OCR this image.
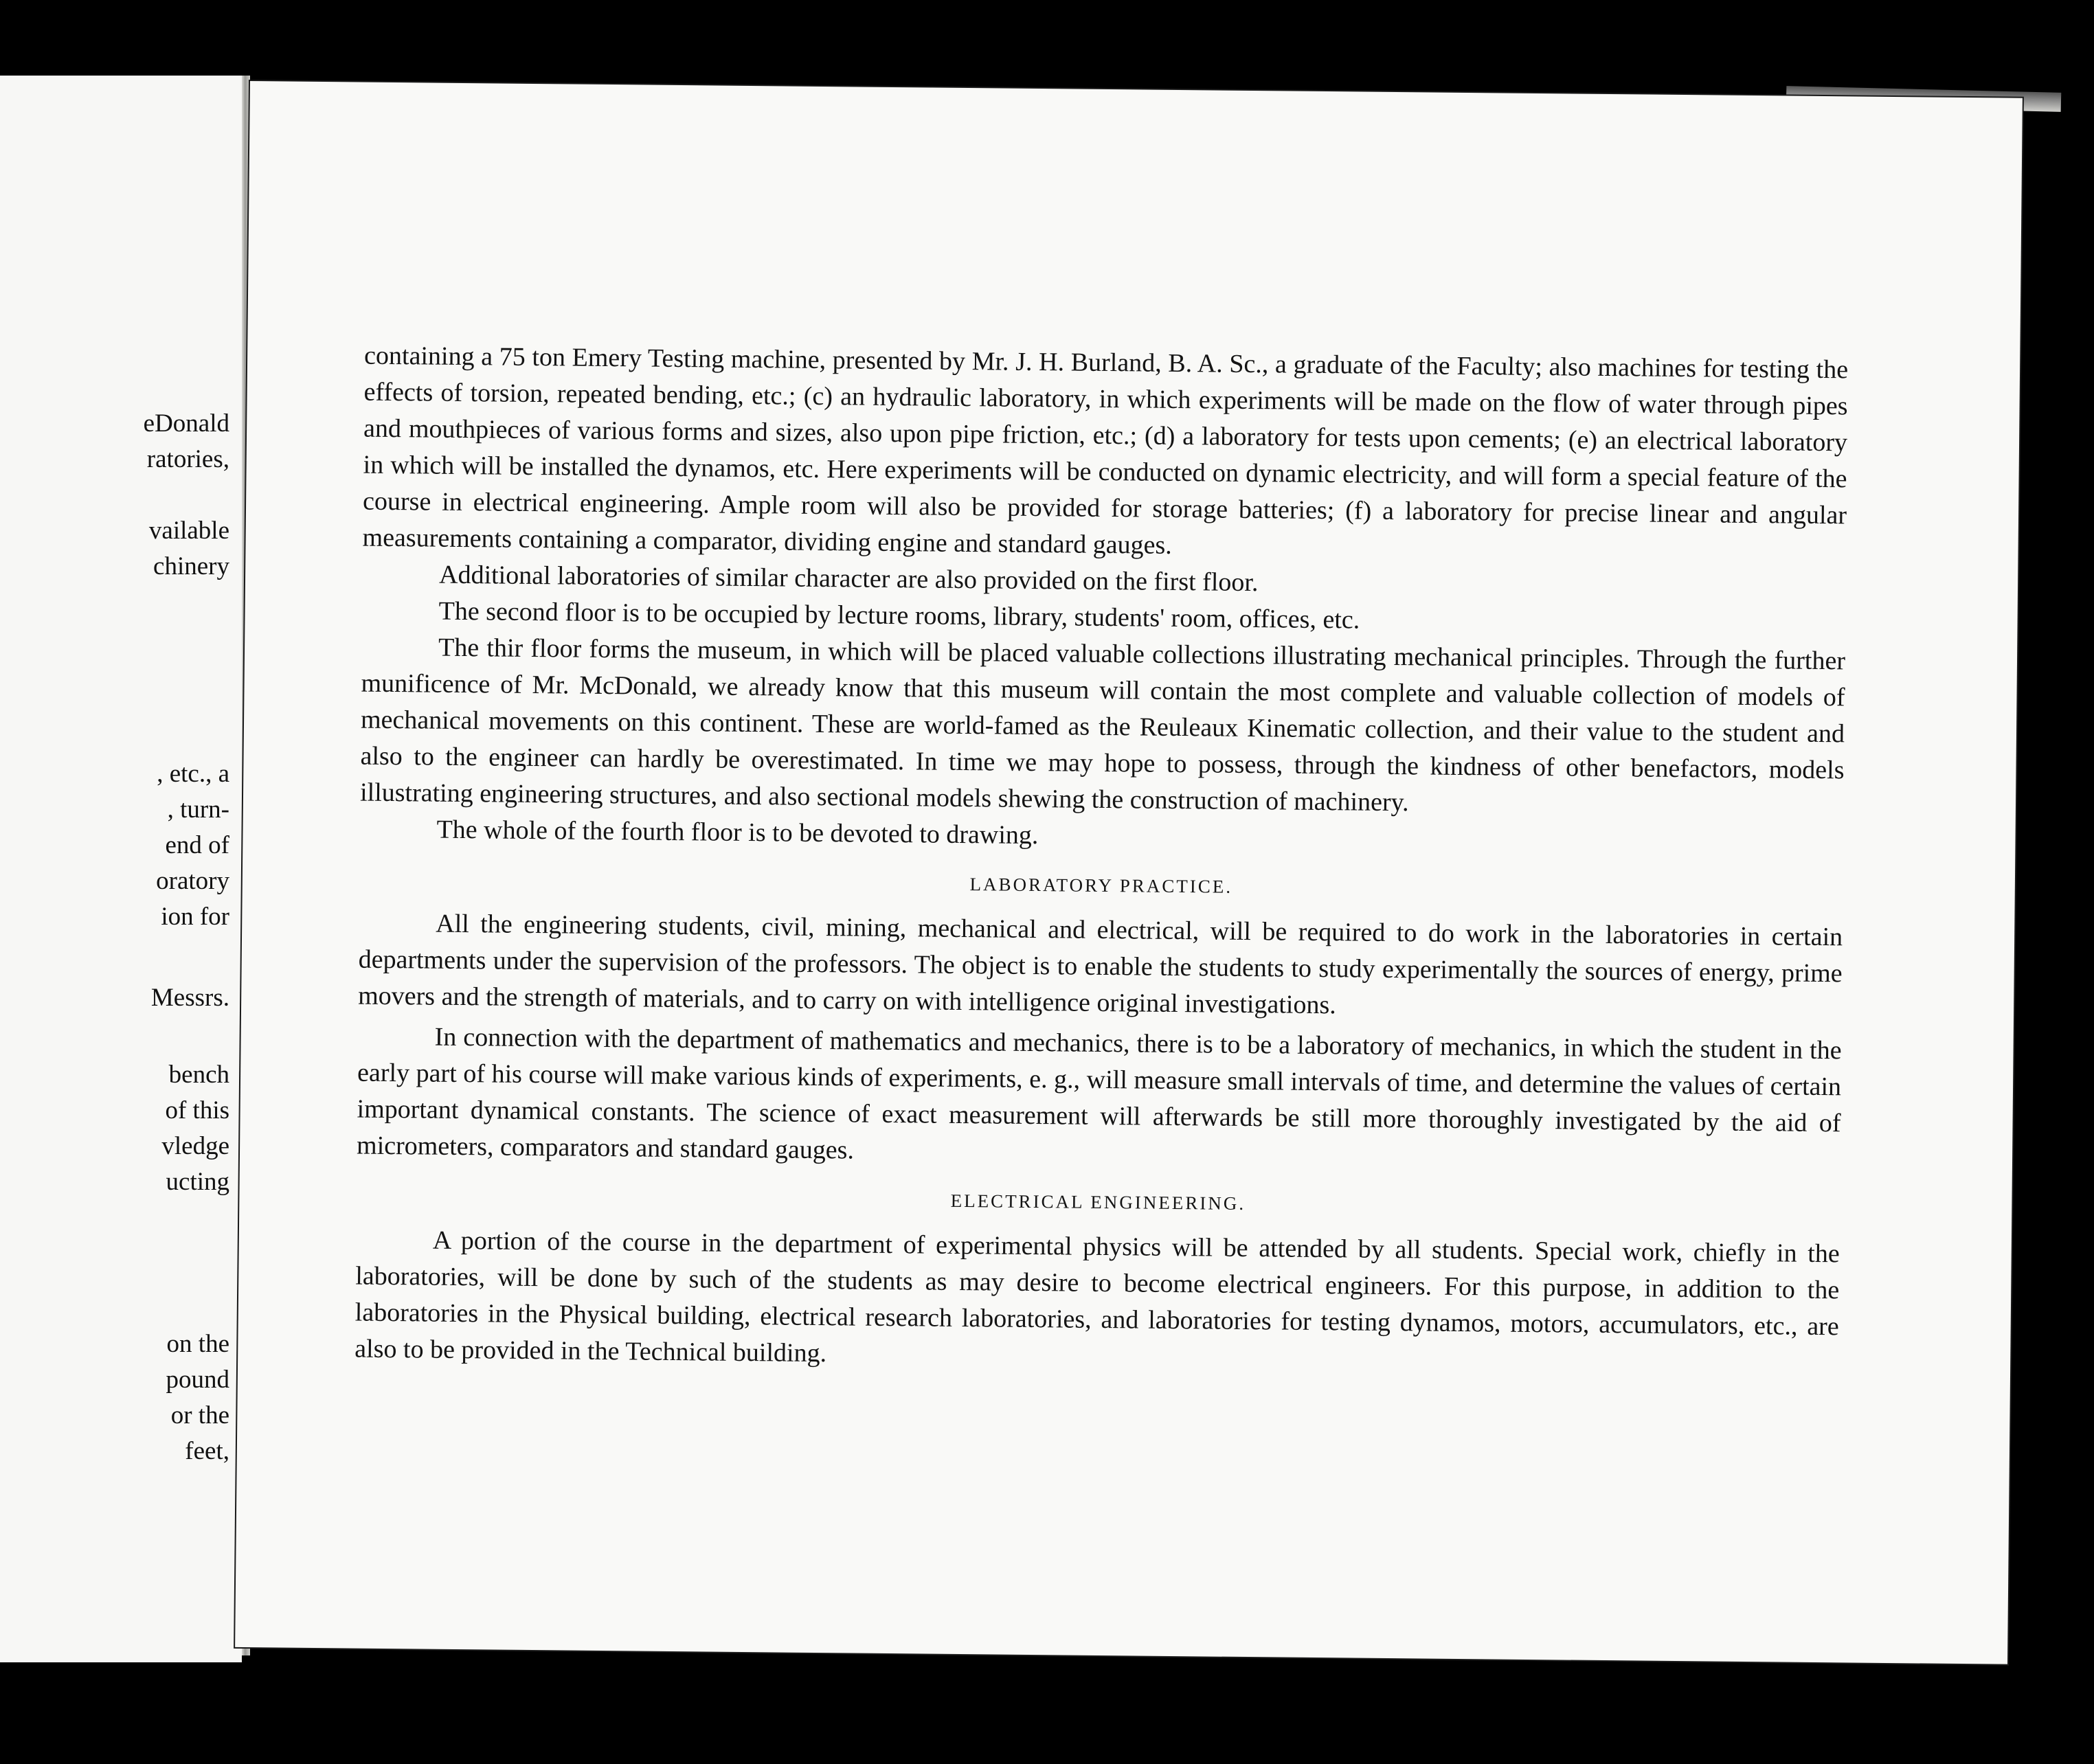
eDonald

ratories,

vailable

chinery

, etc., a

, turn-

end of

oratory

ion for

Messrs.

bench

of this

vledge

ucting

on the

pound

or the

feet,

containing a 75 ton Emery Testing machine, presented by Mr. J. H. Burland, B. A. Sc., a graduate of the Faculty; also machines for testing the effects of torsion, repeated bending, etc.; (c) an hydraulic laboratory, in which experiments will be made on the flow of water through pipes and mouthpieces of various forms and sizes, also upon pipe friction, etc.; (d) a laboratory for tests upon cements; (e) an electrical laboratory in which will be installed the dynamos, etc. Here experiments will be conducted on dynamic electricity, and will form a special feature of the course in electrical engineering. Ample room will also be provided for storage batteries; (f) a laboratory for precise linear and angular measurements containing a comparator, dividing engine and standard gauges.

Additional laboratories of similar character are also provided on the first floor.

The second floor is to be occupied by lecture rooms, library, students' room, offices, etc.

The thir floor forms the museum, in which will be placed valuable collections illustrating mechanical principles. Through the further munificence of Mr. McDonald, we already know that this museum will contain the most complete and valuable collection of models of mechanical movements on this continent. These are world-famed as the Reuleaux Kinematic collection, and their value to the student and also to the engineer can hardly be overestimated. In time we may hope to possess, through the kindness of other benefactors, models illustrating engineering structures, and also sectional models shewing the construction of machinery.

The whole of the fourth floor is to be devoted to drawing.

LABORATORY PRACTICE.

All the engineering students, civil, mining, mechanical and electrical, will be required to do work in the laboratories in certain departments under the supervision of the professors. The object is to enable the students to study experimentally the sources of energy, prime movers and the strength of materials, and to carry on with intelligence original investigations.

In connection with the department of mathematics and mechanics, there is to be a laboratory of mechanics, in which the student in the early part of his course will make various kinds of experiments, e. g., will measure small intervals of time, and determine the values of certain important dynamical constants. The science of exact measurement will afterwards be still more thoroughly investigated by the aid of micrometers, comparators and standard gauges.

ELECTRICAL ENGINEERING.

A portion of the course in the department of experimental physics will be attended by all students. Special work, chiefly in the laboratories, will be done by such of the students as may desire to become electrical engineers. For this purpose, in addition to the laboratories in the Physical building, electrical research laboratories, and laboratories for testing dynamos, motors, accumulators, etc., are also to be provided in the Technical building.
